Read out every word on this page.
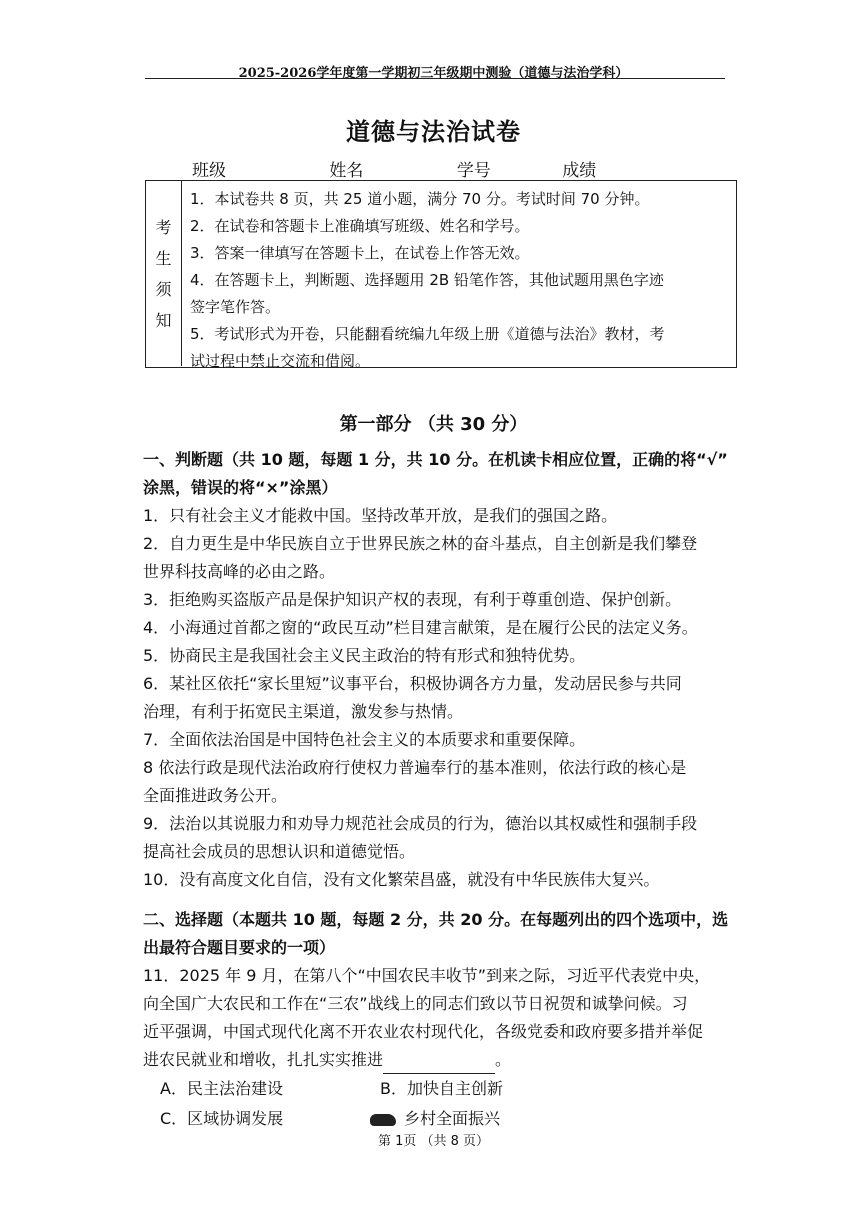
2025-2026学年度第一学期初三年级期中测验（道德与法治学科）
道德与法治试卷
班级	姓名	学号	成绩
考
生
须
知
1．本试卷共 8 页，共 25 道小题，满分 70 分。考试时间 70 分钟。
2．在试卷和答题卡上准确填写班级、姓名和学号。
3．答案一律填写在答题卡上，在试卷上作答无效。
4．在答题卡上，判断题、选择题用 2B 铅笔作答，其他试题用黑色字迹
签字笔作答。
5．考试形式为开卷，只能翻看统编九年级上册《道德与法治》教材，考
试过程中禁止交流和借阅。
第一部分 （共 30 分）
一、判断题（共 10 题，每题 1 分，共 10 分。在机读卡相应位置，正确的将“√”
涂黑，错误的将“×”涂黑）
1．只有社会主义才能救中国。坚持改革开放，是我们的强国之路。
2．自力更生是中华民族自立于世界民族之林的奋斗基点，自主创新是我们攀登
世界科技高峰的必由之路。
3．拒绝购买盗版产品是保护知识产权的表现，有利于尊重创造、保护创新。
4．小海通过首都之窗的“政民互动”栏目建言献策，是在履行公民的法定义务。
5．协商民主是我国社会主义民主政治的特有形式和独特优势。
6．某社区依托“家长里短”议事平台，积极协调各方力量，发动居民参与共同
治理，有利于拓宽民主渠道，激发参与热情。
7．全面依法治国是中国特色社会主义的本质要求和重要保障。
8 依法行政是现代法治政府行使权力普遍奉行的基本准则，依法行政的核心是
全面推进政务公开。
9．法治以其说服力和劝导力规范社会成员的行为，德治以其权威性和强制手段
提高社会成员的思想认识和道德觉悟。
10．没有高度文化自信，没有文化繁荣昌盛，就没有中华民族伟大复兴。
二、选择题（本题共 10 题，每题 2 分，共 20 分。在每题列出的四个选项中，选
出最符合题目要求的一项）
11．2025 年 9 月，在第八个“中国农民丰收节”到来之际，习近平代表党中央，
向全国广大农民和工作在“三农”战线上的同志们致以节日祝贺和诚挚问候。习
近平强调，中国式现代化离不开农业农村现代化，各级党委和政府要多措并举促
进农民就业和增收，扎扎实实推进	。
A．民主法治建设	B．加快自主创新
C．区域协调发展	乡村全面振兴
第 1页 （共 8 页）
